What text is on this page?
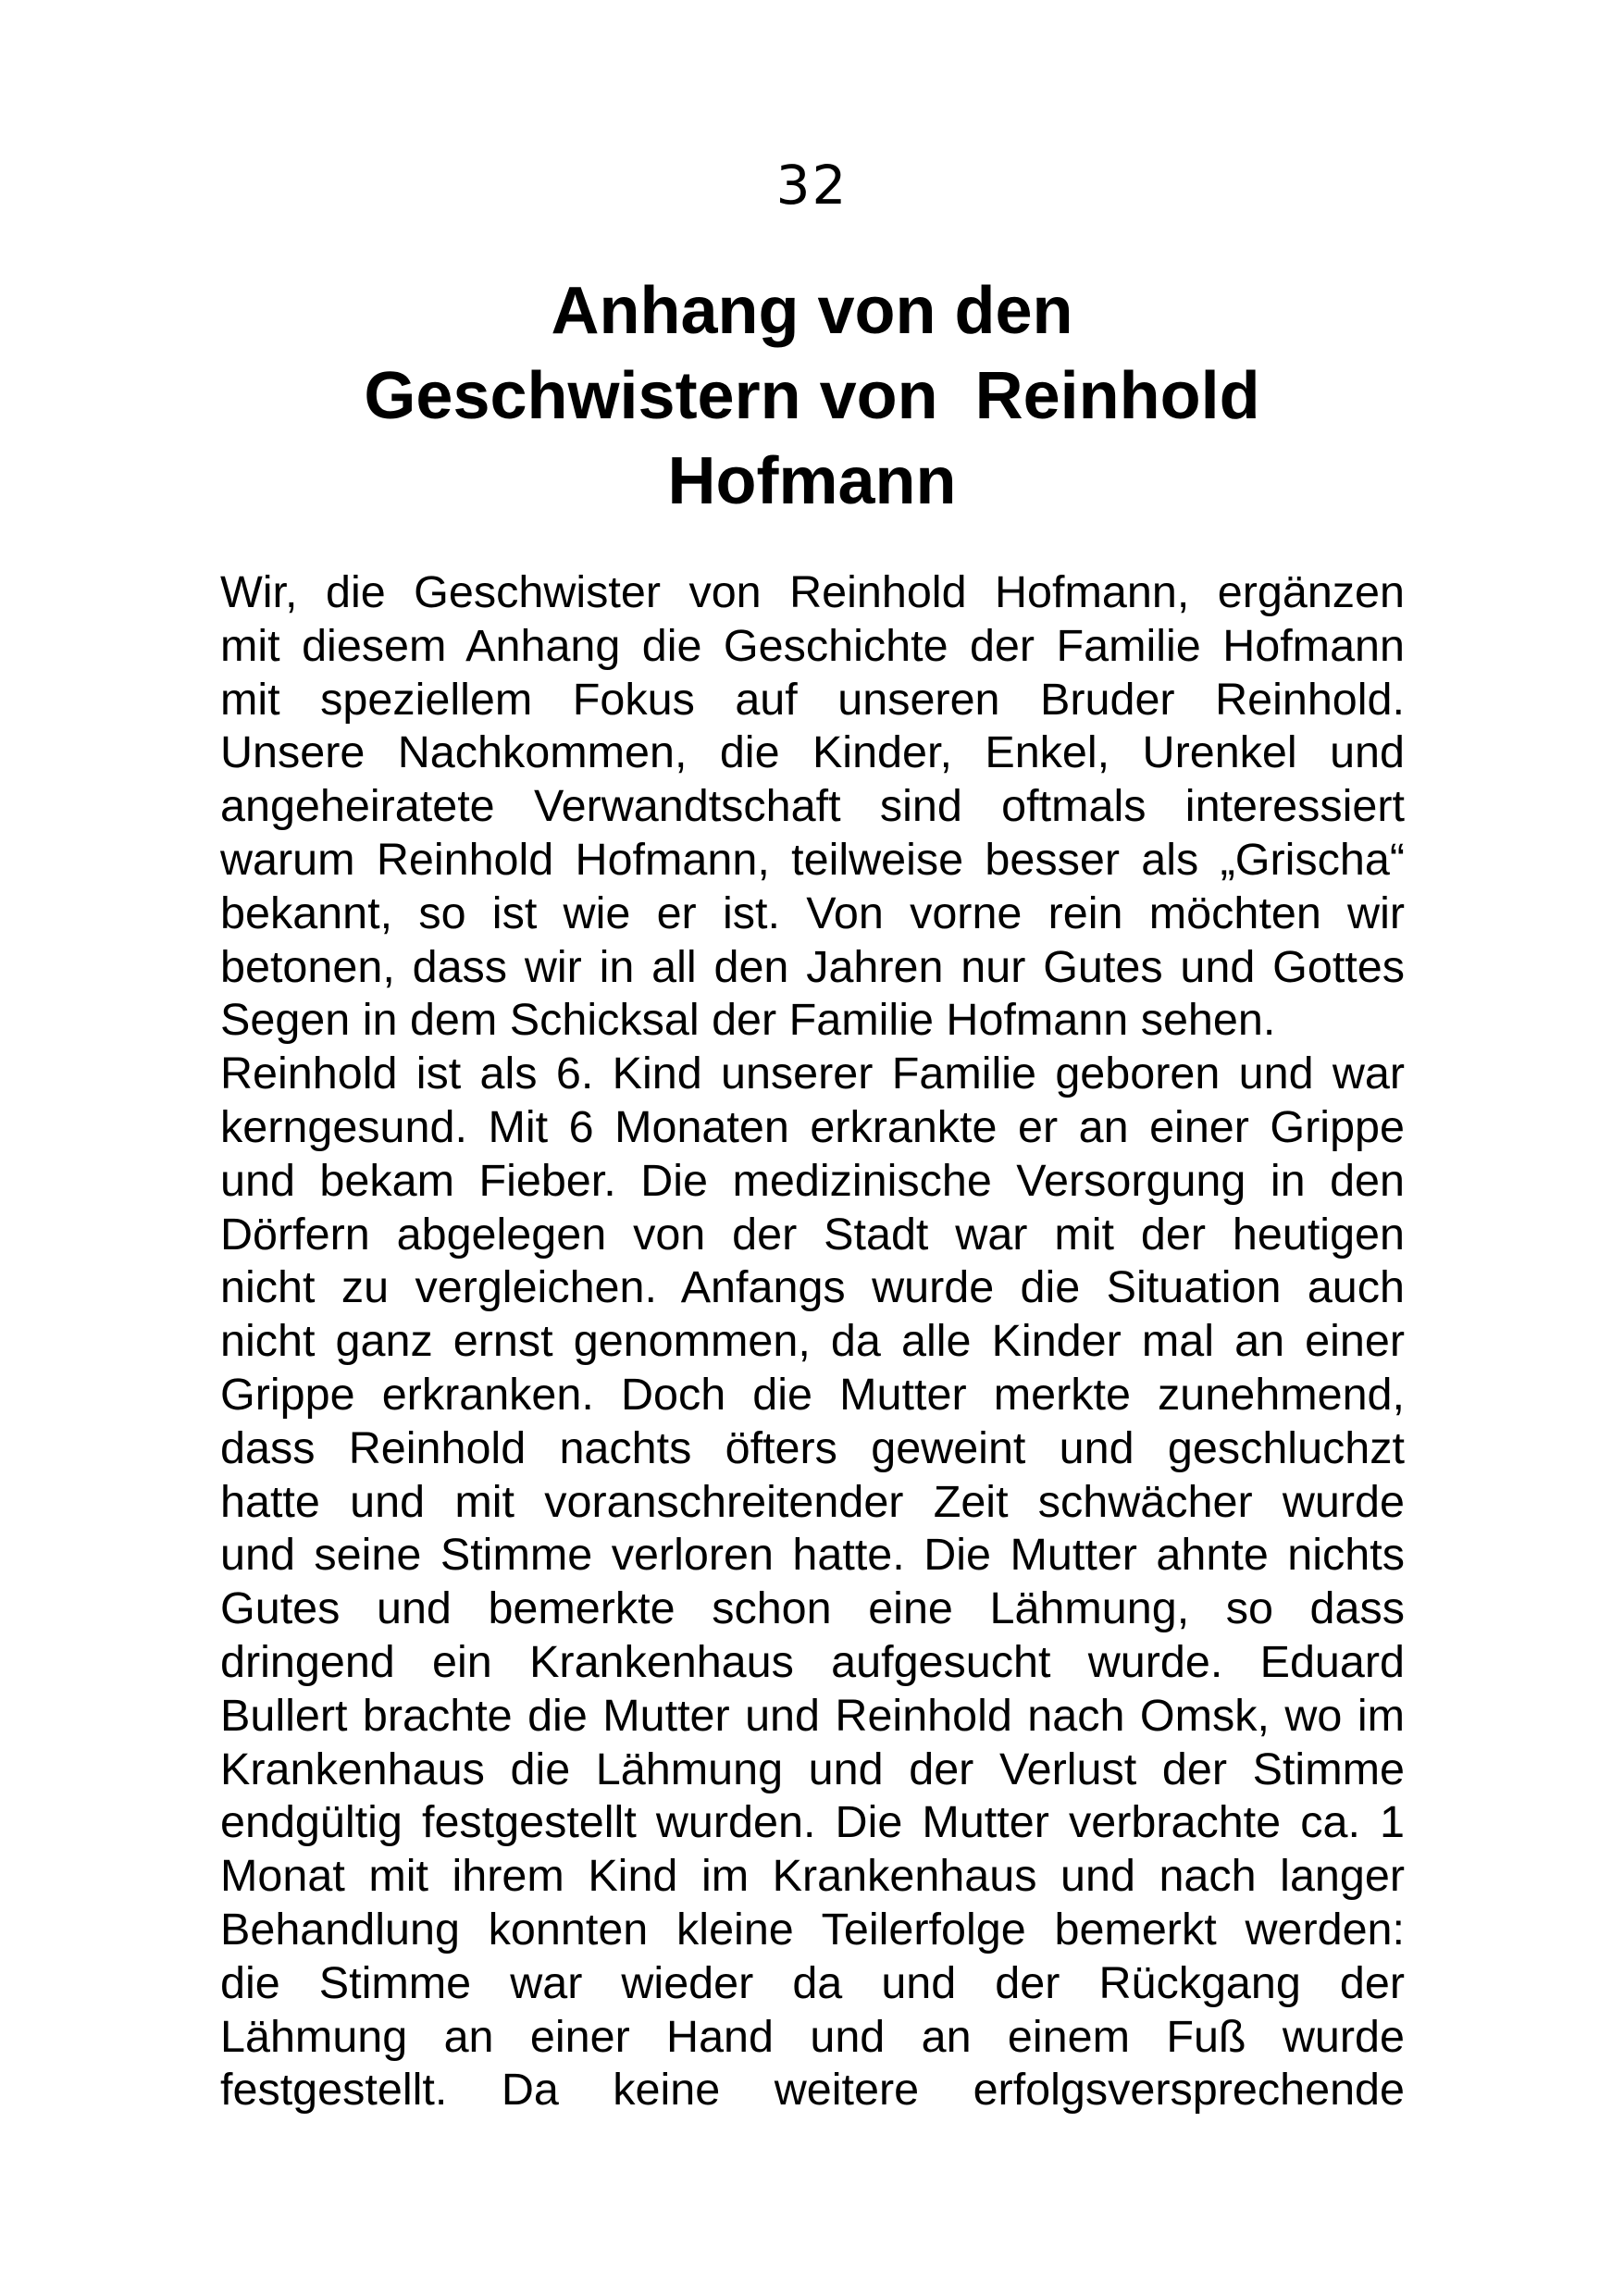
32
Anhang von den
Geschwistern von  Reinhold
Hofmann
Wir, die Geschwister von Reinhold Hofmann, ergänzen
mit diesem Anhang die Geschichte der Familie Hofmann
mit speziellem Fokus auf unseren Bruder Reinhold.
Unsere Nachkommen, die Kinder, Enkel, Urenkel und
angeheiratete Verwandtschaft sind oftmals interessiert
warum Reinhold Hofmann, teilweise besser als „Grischa“
bekannt, so ist wie er ist. Von vorne rein möchten wir
betonen, dass wir in all den Jahren nur Gutes und Gottes
Segen in dem Schicksal der Familie Hofmann sehen.
Reinhold ist als 6. Kind unserer Familie geboren und war
kerngesund. Mit 6 Monaten erkrankte er an einer Grippe
und bekam Fieber. Die medizinische Versorgung in den
Dörfern abgelegen von der Stadt war mit der heutigen
nicht zu vergleichen. Anfangs wurde die Situation auch
nicht ganz ernst genommen, da alle Kinder mal an einer
Grippe erkranken. Doch die Mutter merkte zunehmend,
dass Reinhold nachts öfters geweint und geschluchzt
hatte und mit voranschreitender Zeit schwächer wurde
und seine Stimme verloren hatte. Die Mutter ahnte nichts
Gutes und bemerkte schon eine Lähmung, so dass
dringend ein Krankenhaus aufgesucht wurde. Eduard
Bullert brachte die Mutter und Reinhold nach Omsk, wo im
Krankenhaus die Lähmung und der Verlust der Stimme
endgültig festgestellt wurden. Die Mutter verbrachte ca. 1
Monat mit ihrem Kind im Krankenhaus und nach langer
Behandlung konnten kleine Teilerfolge bemerkt werden:
die Stimme war wieder da und der Rückgang der
Lähmung an einer Hand und an einem Fuß wurde
festgestellt. Da keine weitere erfolgsversprechende
